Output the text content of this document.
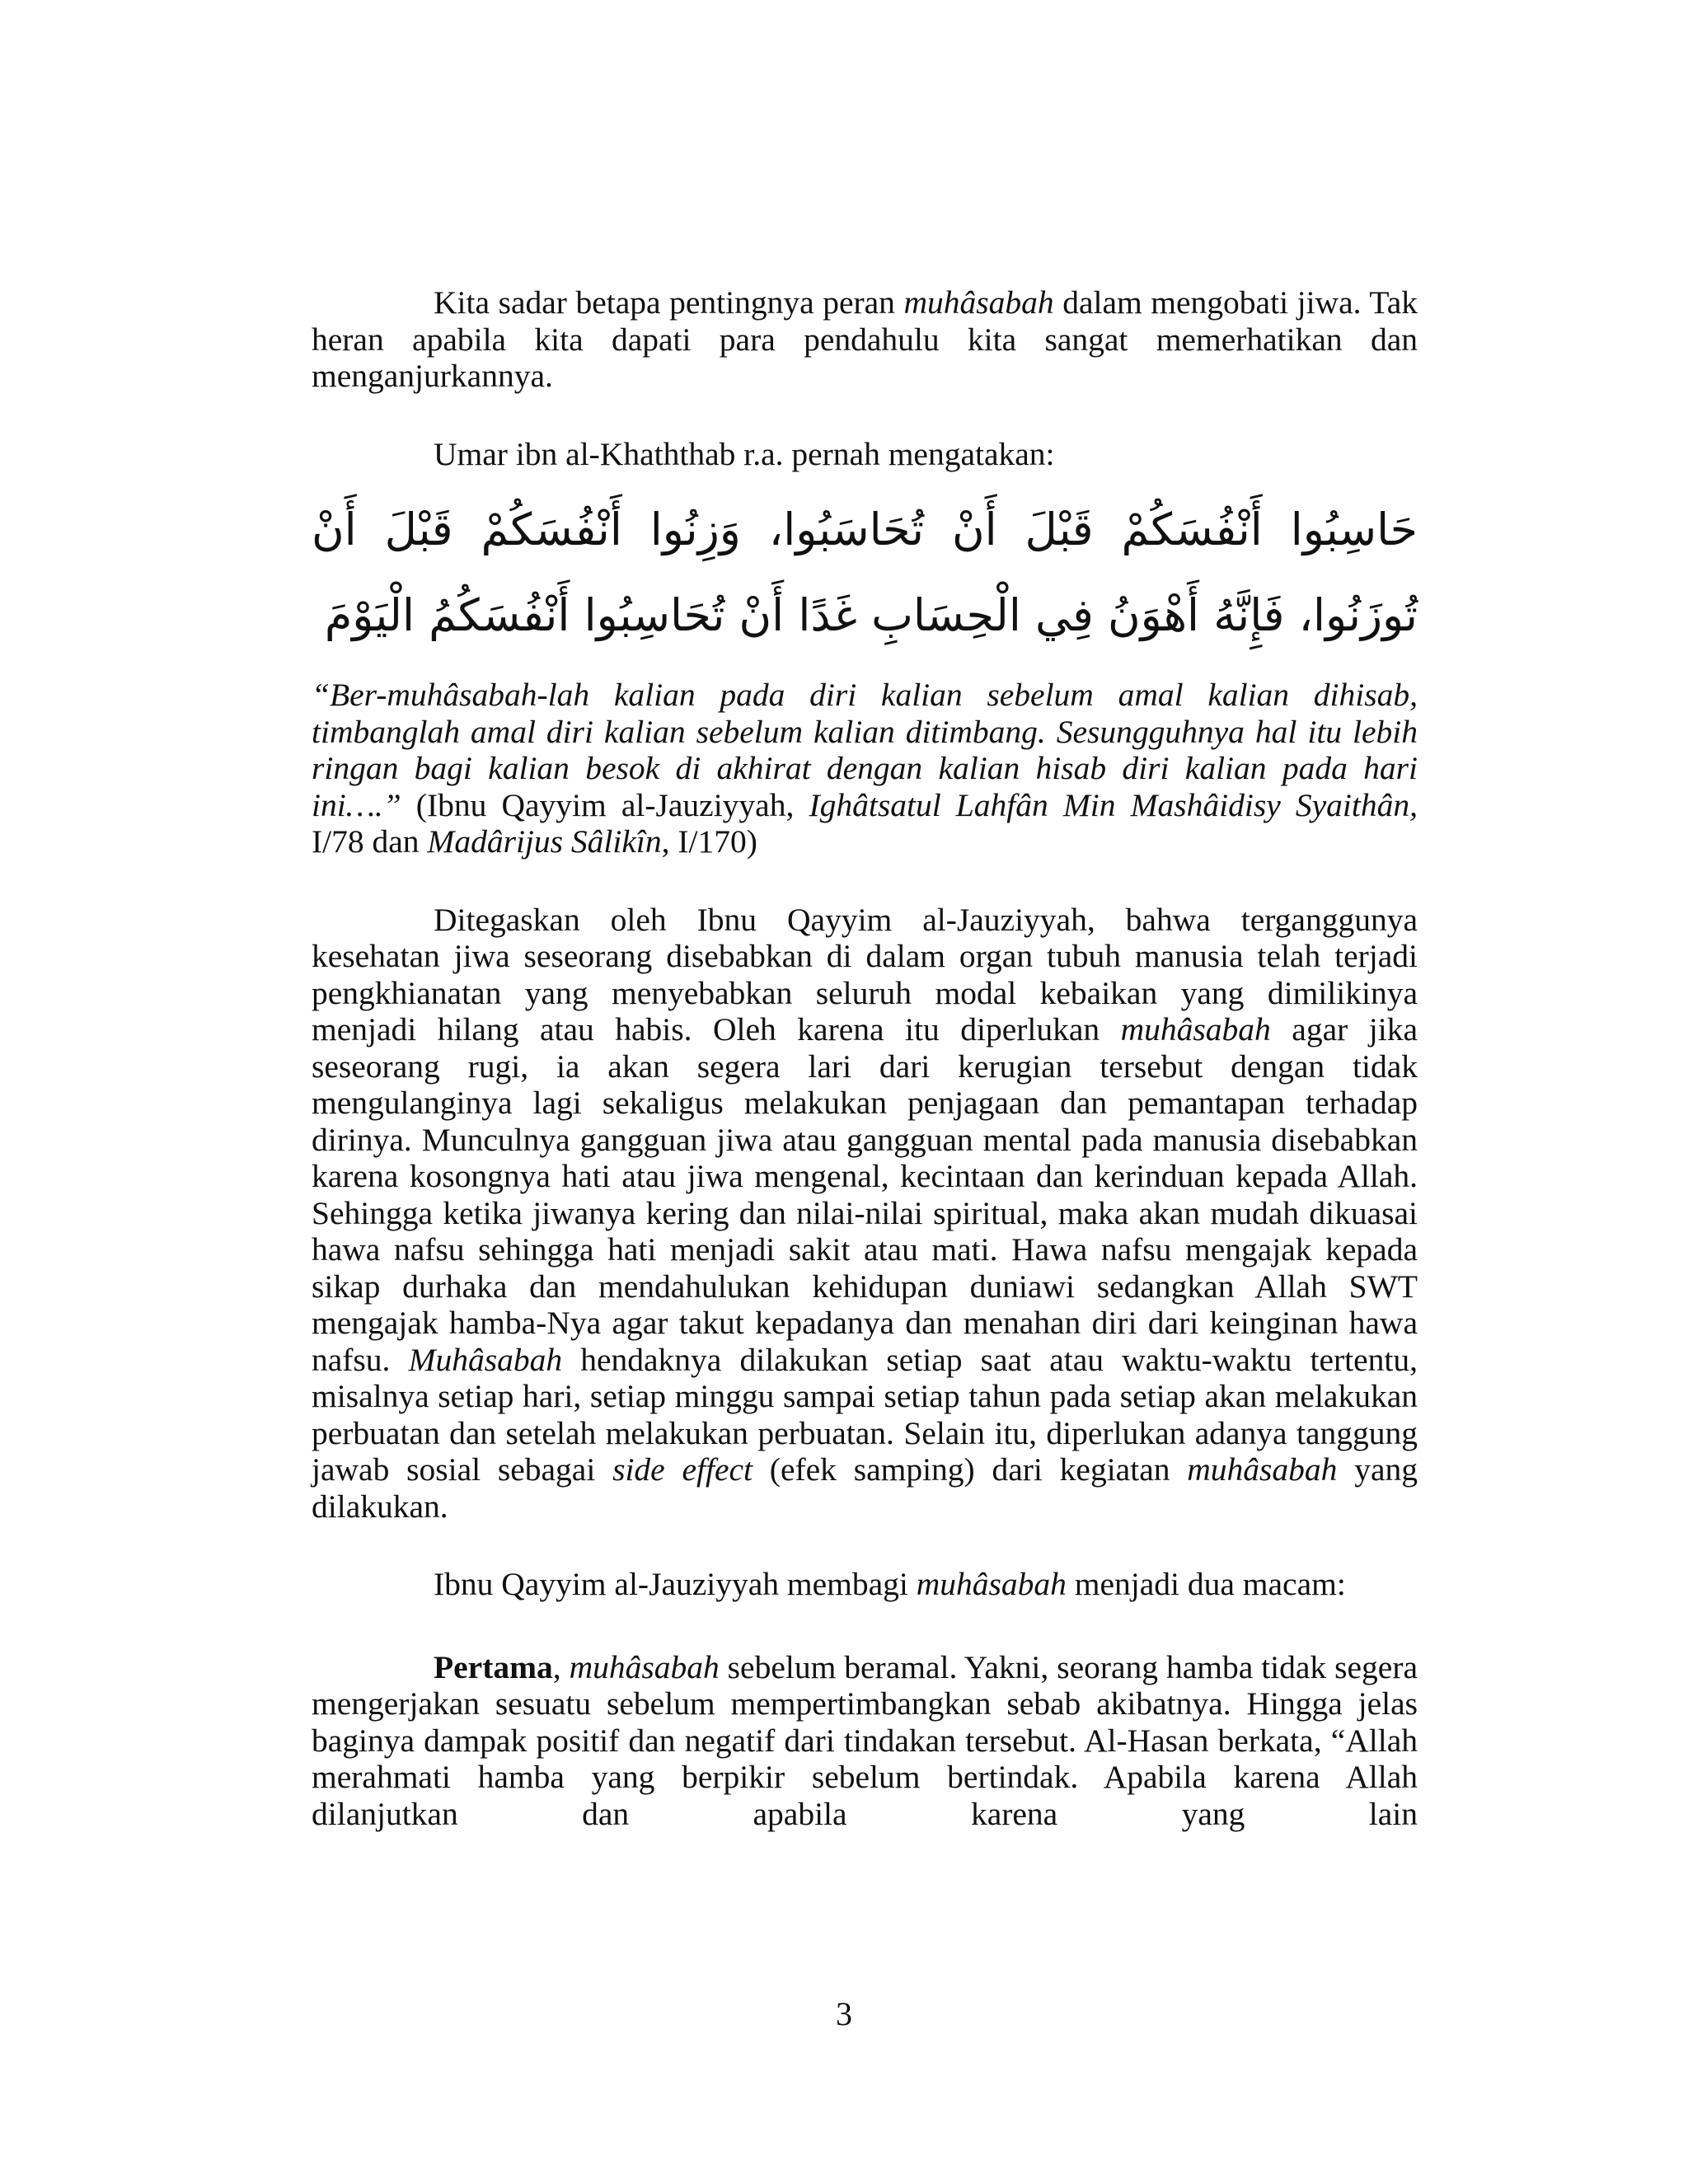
Kita sadar betapa pentingnya peran muhâsabah dalam mengobati jiwa. Tak heran apabila kita dapati para pendahulu kita sangat memerhatikan dan menganjurkannya.

Umar ibn al-Khaththab r.a. pernah mengatakan:

حَاسِبُوا أَنْفُسَكُمْ قَبْلَ أَنْ تُحَاسَبُوا، وَزِنُوا أَنْفُسَكُمْ قَبْلَ أَنْ تُوزَنُوا، فَإِنَّهُ أَهْوَنُ فِي الْحِسَابِ غَدًا أَنْ تُحَاسِبُوا أَنْفُسَكُمُ الْيَوْمَ

“Ber-muhâsabah-lah kalian pada diri kalian sebelum amal kalian dihisab, timbanglah amal diri kalian sebelum kalian ditimbang. Sesungguhnya hal itu lebih ringan bagi kalian besok di akhirat dengan kalian hisab diri kalian pada hari ini….” (Ibnu Qayyim al-Jauziyyah, Ighâtsatul Lahfân Min Mashâidisy Syaithân, I/78 dan Madârijus Sâlikîn, I/170)

Ditegaskan oleh Ibnu Qayyim al-Jauziyyah, bahwa terganggunya kesehatan jiwa seseorang disebabkan di dalam organ tubuh manusia telah terjadi pengkhianatan yang menyebabkan seluruh modal kebaikan yang dimilikinya menjadi hilang atau habis. Oleh karena itu diperlukan muhâsabah agar jika seseorang rugi, ia akan segera lari dari kerugian tersebut dengan tidak mengulanginya lagi sekaligus melakukan penjagaan dan pemantapan terhadap dirinya. Munculnya gangguan jiwa atau gangguan mental pada manusia disebabkan karena kosongnya hati atau jiwa mengenal, kecintaan dan kerinduan kepada Allah. Sehingga ketika jiwanya kering dan nilai-nilai spiritual, maka akan mudah dikuasai hawa nafsu sehingga hati menjadi sakit atau mati. Hawa nafsu mengajak kepada sikap durhaka dan mendahulukan kehidupan duniawi sedangkan Allah SWT mengajak hamba-Nya agar takut kepadanya dan menahan diri dari keinginan hawa nafsu. Muhâsabah hendaknya dilakukan setiap saat atau waktu-waktu tertentu, misalnya setiap hari, setiap minggu sampai setiap tahun pada setiap akan melakukan perbuatan dan setelah melakukan perbuatan. Selain itu, diperlukan adanya tanggung jawab sosial sebagai side effect (efek samping) dari kegiatan muhâsabah yang dilakukan.

Ibnu Qayyim al-Jauziyyah membagi muhâsabah menjadi dua macam:

Pertama, muhâsabah sebelum beramal. Yakni, seorang hamba tidak segera mengerjakan sesuatu sebelum mempertimbangkan sebab akibatnya. Hingga jelas baginya dampak positif dan negatif dari tindakan tersebut. Al-Hasan berkata, “Allah merahmati hamba yang berpikir sebelum bertindak. Apabila karena Allah dilanjutkan dan apabila karena yang lain

3
